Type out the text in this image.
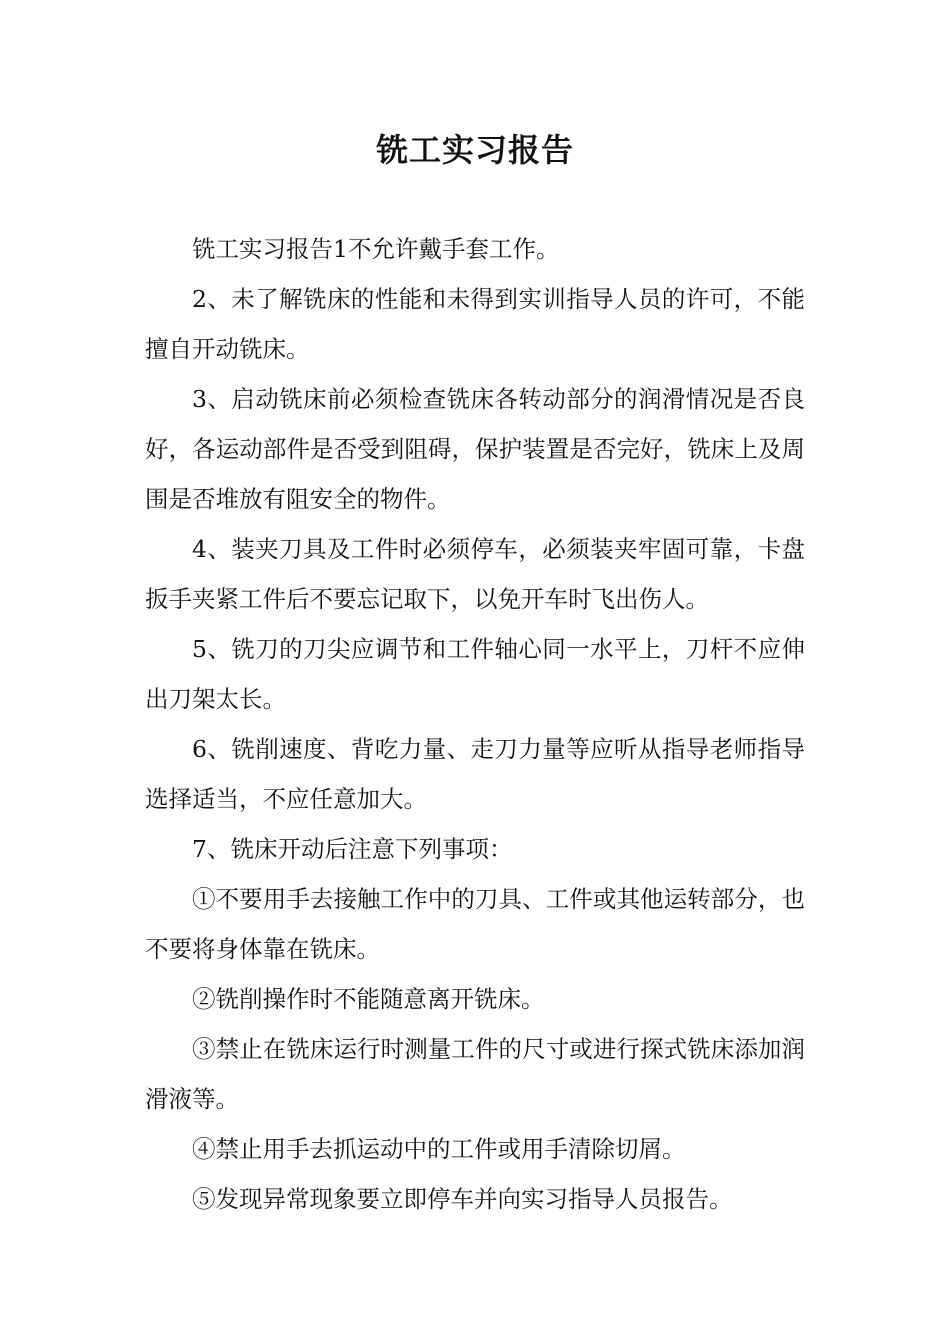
铣工实习报告

铣工实习报告1不允许戴手套工作。

2、未了解铣床的性能和未得到实训指导人员的许可，不能擅自开动铣床。

3、启动铣床前必须检查铣床各转动部分的润滑情况是否良好，各运动部件是否受到阻碍，保护装置是否完好，铣床上及周围是否堆放有阻安全的物件。

4、装夹刀具及工件时必须停车，必须装夹牢固可靠，卡盘扳手夹紧工件后不要忘记取下，以免开车时飞出伤人。

5、铣刀的刀尖应调节和工件轴心同一水平上，刀杆不应伸出刀架太长。

6、铣削速度、背吃力量、走刀力量等应听从指导老师指导选择适当，不应任意加大。

7、铣床开动后注意下列事项：

①不要用手去接触工作中的刀具、工件或其他运转部分，也不要将身体靠在铣床。

②铣削操作时不能随意离开铣床。

③禁止在铣床运行时测量工件的尺寸或进行探式铣床添加润滑液等。

④禁止用手去抓运动中的工件或用手清除切屑。

⑤发现异常现象要立即停车并向实习指导人员报告。
